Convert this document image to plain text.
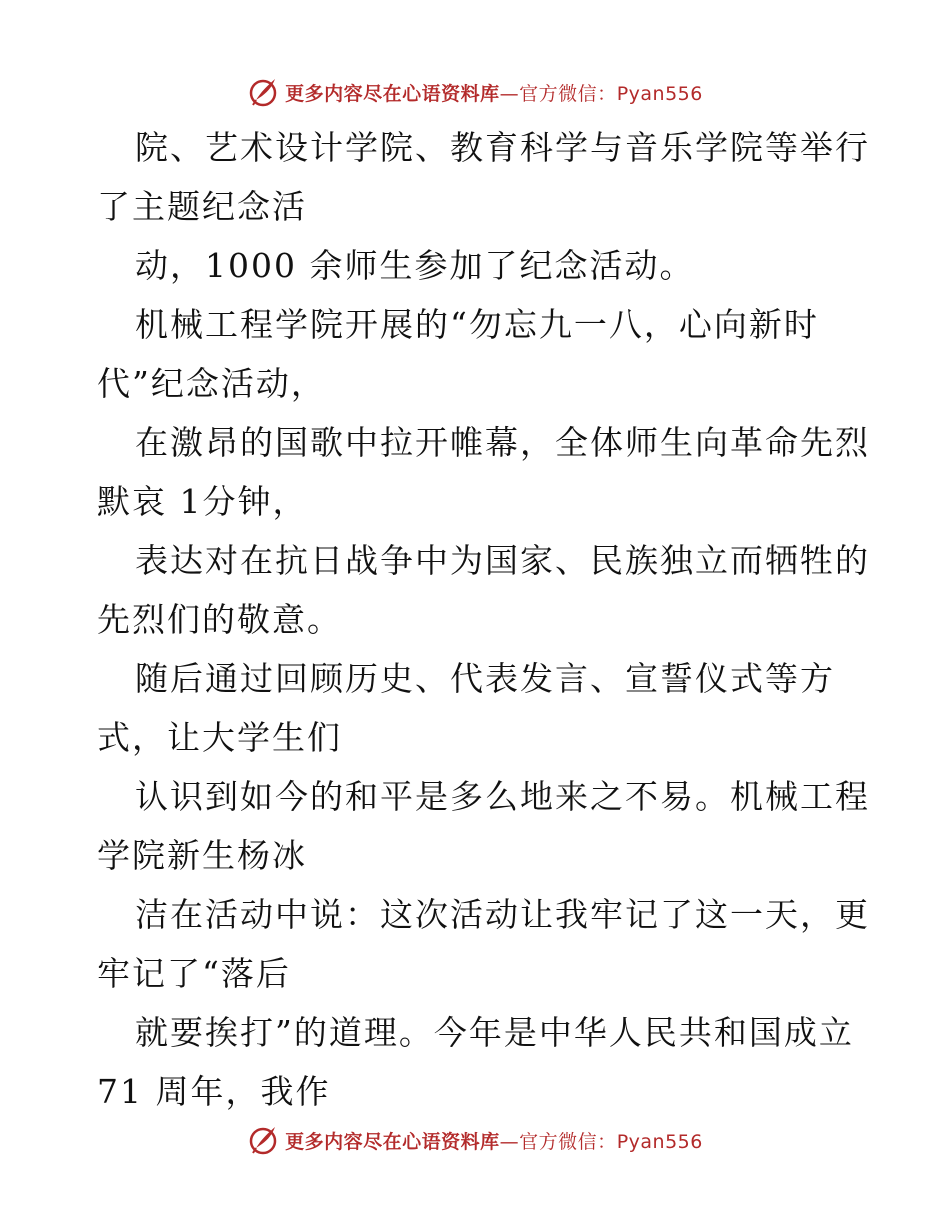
更多内容尽在心语资料库—官方微信：Pyan556
院、艺术设计学院、教育科学与音乐学院等举行
了主题纪念活
动，1000 余师生参加了纪念活动。
机械工程学院开展的“勿忘九一八，心向新时
代”纪念活动，
在激昂的国歌中拉开帷幕，全体师生向革命先烈
默哀 1分钟，
表达对在抗日战争中为国家、民族独立而牺牲的
先烈们的敬意。
随后通过回顾历史、代表发言、宣誓仪式等方
式，让大学生们
认识到如今的和平是多么地来之不易。机械工程
学院新生杨冰
洁在活动中说：这次活动让我牢记了这一天，更
牢记了“落后
就要挨打”的道理。今年是中华人民共和国成立
71 周年，我作
更多内容尽在心语资料库—官方微信：Pyan556
